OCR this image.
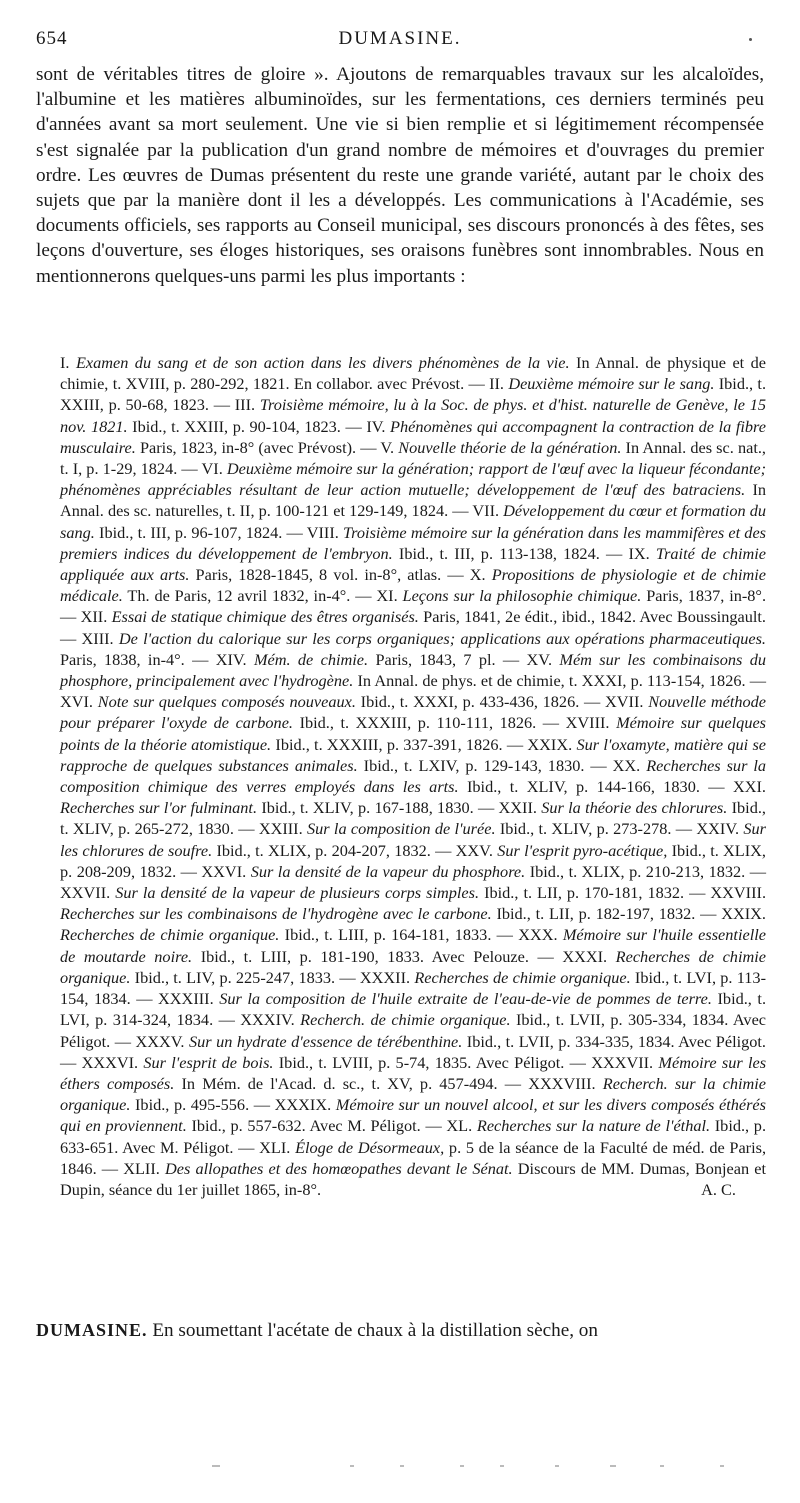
654	DUMASINE.

sont de véritables titres de gloire ». Ajoutons de remarquables travaux sur les alcaloïdes, l'albumine et les matières albuminoïdes, sur les fermentations, ces derniers terminés peu d'années avant sa mort seulement. Une vie si bien remplie et si légitimement récompensée s'est signalée par la publication d'un grand nombre de mémoires et d'ouvrages du premier ordre. Les œuvres de Dumas présentent du reste une grande variété, autant par le choix des sujets que par la manière dont il les a développés. Les communications à l'Académie, ses documents officiels, ses rapports au Conseil municipal, ses discours prononcés à des fêtes, ses leçons d'ouverture, ses éloges historiques, ses oraisons funèbres sont innombrables. Nous en mentionnerons quelques-uns parmi les plus importants :

I. Examen du sang et de son action dans les divers phénomènes de la vie. In Annal. de physique et de chimie, t. XVIII, p. 280-292, 1821. En collabor. avec Prévost. — II. Deuxième mémoire sur le sang. Ibid., t. XXIII, p. 50-68, 1823. — III. Troisième mémoire, lu à la Soc. de phys. et d'hist. naturelle de Genève, le 15 nov. 1821. Ibid., t. XXIII, p. 90-104, 1823. — IV. Phénomènes qui accompagnent la contraction de la fibre musculaire. Paris, 1823, in-8° (avec Prévost). — V. Nouvelle théorie de la génération. In Annal. des sc. nat., t. I, p. 1-29, 1824. — VI. Deuxième mémoire sur la génération; rapport de l'œuf avec la liqueur fécondante; phénomènes appréciables résultant de leur action mutuelle; développement de l'œuf des batraciens. In Annal. des sc. naturelles, t. II, p. 100-121 et 129-149, 1824. — VII. Développement du cœur et formation du sang. Ibid., t. III, p. 96-107, 1824. — VIII. Troisième mémoire sur la génération dans les mammifères et des premiers indices du développement de l'embryon. Ibid., t. III, p. 113-138, 1824. — IX. Traité de chimie appliquée aux arts. Paris, 1828-1845, 8 vol. in-8°, atlas. — X. Propositions de physiologie et de chimie médicale. Th. de Paris, 12 avril 1832, in-4°. — XI. Leçons sur la philosophie chimique. Paris, 1837, in-8°. — XII. Essai de statique chimique des êtres organisés. Paris, 1841, 2e édit., ibid., 1842. Avec Boussingault. — XIII. De l'action du calorique sur les corps organiques; applications aux opérations pharmaceutiques. Paris, 1838, in-4°. — XIV. Mém. de chimie. Paris, 1843, 7 pl. — XV. Mém sur les combinaisons du phosphore, principalement avec l'hydrogène. In Annal. de phys. et de chimie, t. XXXI, p. 113-154, 1826. — XVI. Note sur quelques composés nouveaux. Ibid., t. XXXI, p. 433-436, 1826. — XVII. Nouvelle méthode pour préparer l'oxyde de carbone. Ibid., t. XXXIII, p. 110-111, 1826. — XVIII. Mémoire sur quelques points de la théorie atomistique. Ibid., t. XXXIII, p. 337-391, 1826. — XXIX. Sur l'oxamyte, matière qui se rapproche de quelques substances animales. Ibid., t. LXIV, p. 129-143, 1830. — XX. Recherches sur la composition chimique des verres employés dans les arts. Ibid., t. XLIV, p. 144-166, 1830. — XXI. Recherches sur l'or fulminant. Ibid., t. XLIV, p. 167-188, 1830. — XXII. Sur la théorie des chlorures. Ibid., t. XLIV, p. 265-272, 1830. — XXIII. Sur la composition de l'urée. Ibid., t. XLIV, p. 273-278. — XXIV. Sur les chlorures de soufre. Ibid., t. XLIX, p. 204-207, 1832. — XXV. Sur l'esprit pyro-acétique, Ibid., t. XLIX, p. 208-209, 1832. — XXVI. Sur la densité de la vapeur du phosphore. Ibid., t. XLIX, p. 210-213, 1832. — XXVII. Sur la densité de la vapeur de plusieurs corps simples. Ibid., t. LII, p. 170-181, 1832. — XXVIII. Recherches sur les combinaisons de l'hydrogène avec le carbone. Ibid., t. LII, p. 182-197, 1832. — XXIX. Recherches de chimie organique. Ibid., t. LIII, p. 164-181, 1833. — XXX. Mémoire sur l'huile essentielle de moutarde noire. Ibid., t. LIII, p. 181-190, 1833. Avec Pelouze. — XXXI. Recherches de chimie organique. Ibid., t. LIV, p. 225-247, 1833. — XXXII. Recherches de chimie organique. Ibid., t. LVI, p. 113-154, 1834. — XXXIII. Sur la composition de l'huile extraite de l'eau-de-vie de pommes de terre. Ibid., t. LVI, p. 314-324, 1834. — XXXIV. Recherch. de chimie organique. Ibid., t. LVII, p. 305-334, 1834. Avec Péligot. — XXXV. Sur un hydrate d'essence de térébenthine. Ibid., t. LVII, p. 334-335, 1834. Avec Péligot. — XXXVI. Sur l'esprit de bois. Ibid., t. LVIII, p. 5-74, 1835. Avec Péligot. — XXXVII. Mémoire sur les éthers composés. In Mém. de l'Acad. d. sc., t. XV, p. 457-494. — XXXVIII. Recherch. sur la chimie organique. Ibid., p. 495-556. — XXXIX. Mémoire sur un nouvel alcool, et sur les divers composés éthérés qui en proviennent. Ibid., p. 557-632. Avec M. Péligot. — XL. Recherches sur la nature de l'éthal. Ibid., p. 633-651. Avec M. Péligot. — XLI. Éloge de Désormeaux, p. 5 de la séance de la Faculté de méd. de Paris, 1846. — XLII. Des allopathes et des homœopathes devant le Sénat. Discours de MM. Dumas, Bonjean et Dupin, séance du 1er juillet 1865, in-8°.	A. C.

DUMASINE. En soumettant l'acétate de chaux à la distillation sèche, on
